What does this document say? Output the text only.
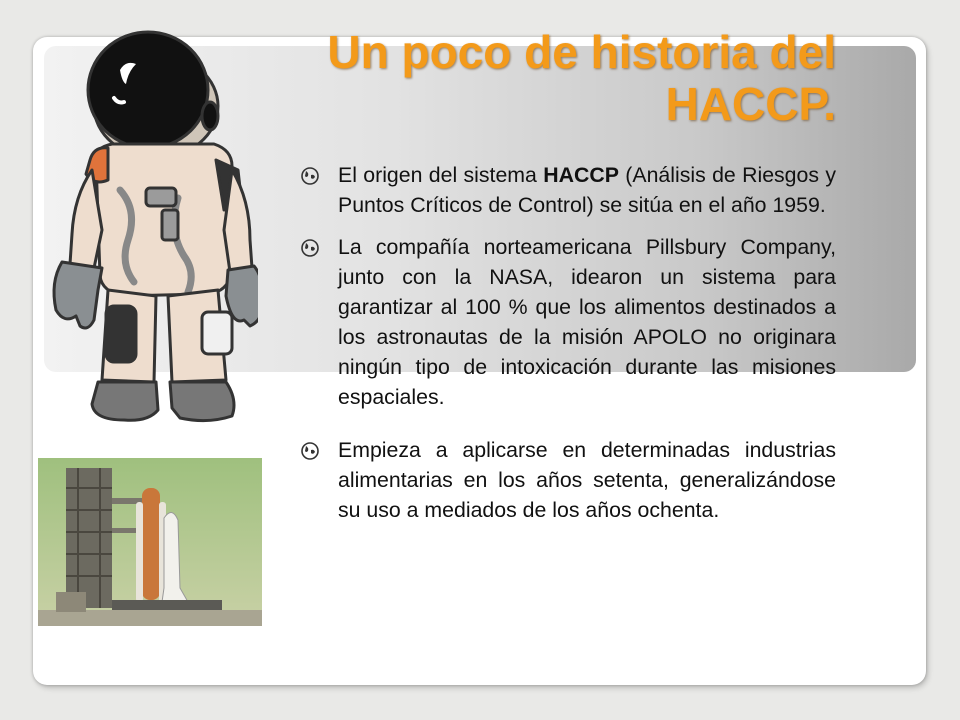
Un poco de historia del HACCP.
El origen del sistema HACCP (Análisis de Riesgos y Puntos Críticos de Control) se sitúa en el año 1959.
La compañía norteamericana Pillsbury Company, junto con la NASA, idearon un sistema para garantizar al 100 % que los alimentos destinados a los astronautas de la misión APOLO no originara ningún tipo de intoxicación durante las misiones espaciales.
Empieza a aplicarse en determinadas industrias alimentarias en los años setenta, generalizándose su uso a mediados de los años ochenta.
